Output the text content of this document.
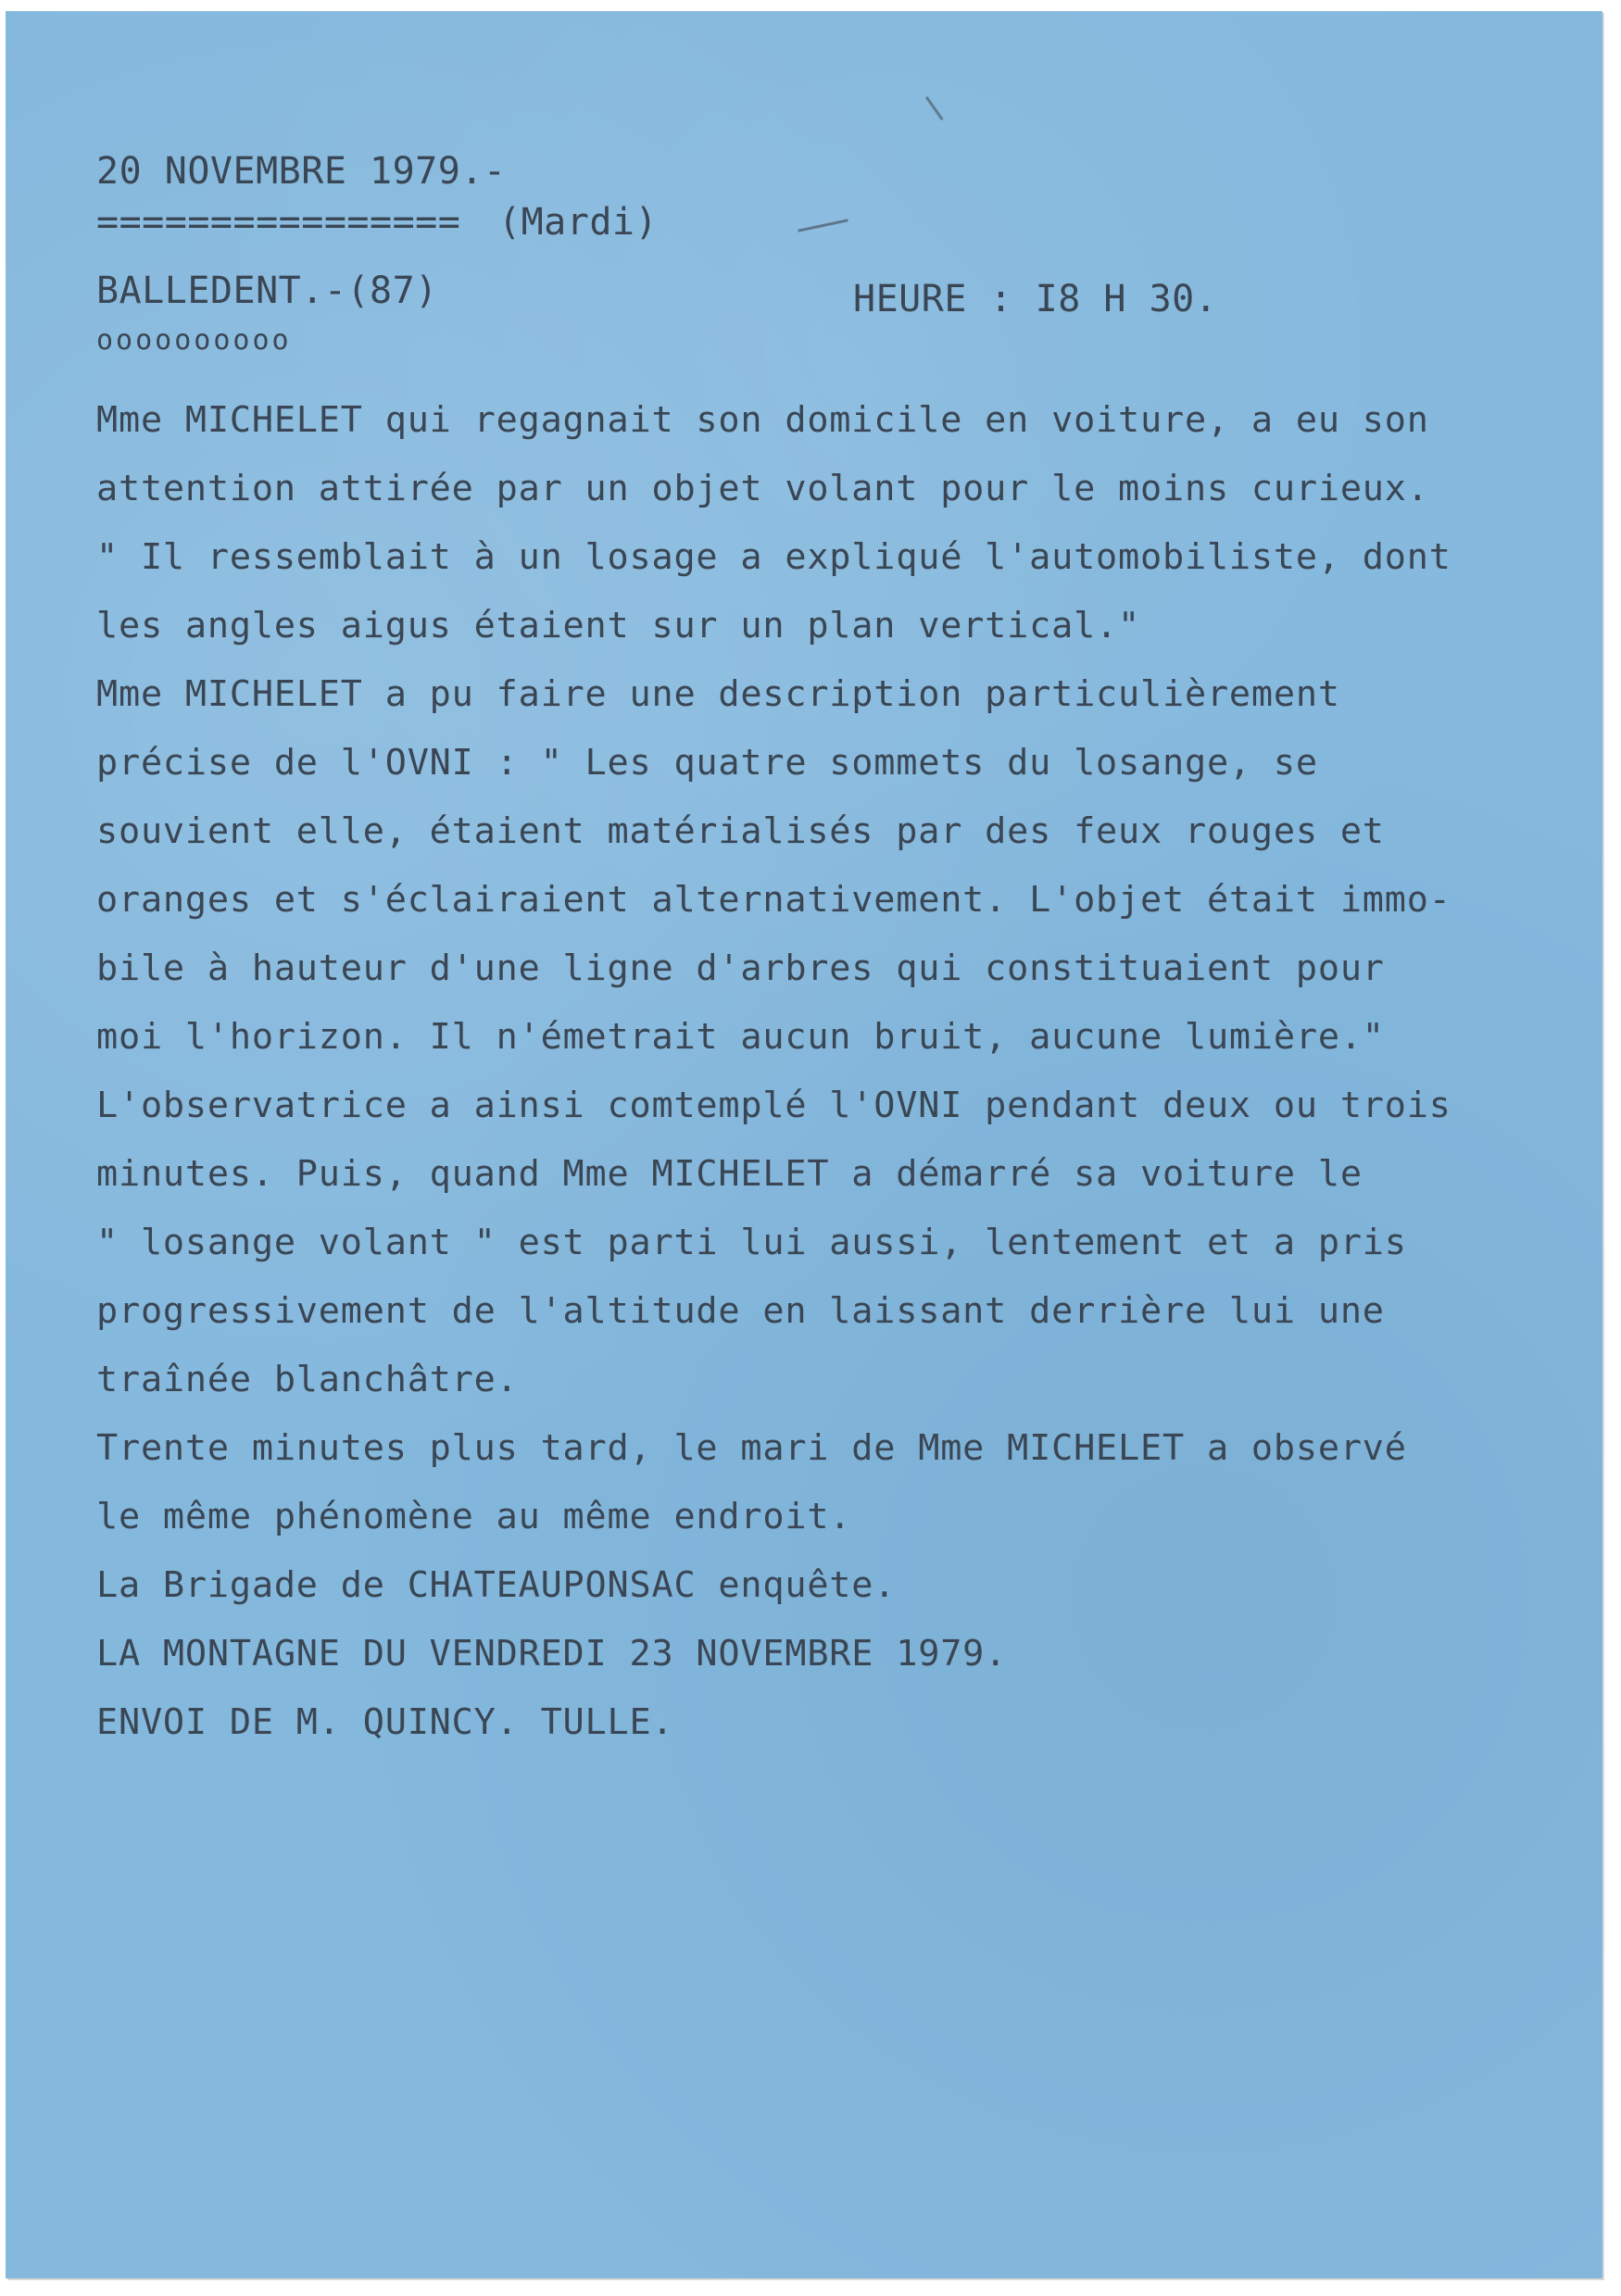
20 NOVEMBRE 1979.-
================ (Mardi)
BALLEDENT.-(87)	HEURE : I8 H 30.
oooooooooo
Mme MICHELET qui regagnait son domicile en voiture, a eu son
attention attirée par un objet volant pour le moins curieux.
" Il ressemblait à un losage a expliqué l'automobiliste, dont
les angles aigus étaient sur un plan vertical."
Mme MICHELET a pu faire une description particulièrement
précise de l'OVNI : " Les quatre sommets du losange, se
souvient elle, étaient matérialisés par des feux rouges et
oranges et s'éclairaient alternativement. L'objet était immo-
bile à hauteur d'une ligne d'arbres qui constituaient pour
moi l'horizon. Il n'émetrait aucun bruit, aucune lumière."
L'observatrice a ainsi comtemplé l'OVNI pendant deux ou trois
minutes. Puis, quand Mme MICHELET a démarré sa voiture le
" losange volant " est parti lui aussi, lentement et a pris
progressivement de l'altitude en laissant derrière lui une
traînée blanchâtre.
Trente minutes plus tard, le mari de Mme MICHELET a observé
le même phénomène au même endroit.
La Brigade de CHATEAUPONSAC enquête.
LA MONTAGNE DU VENDREDI 23 NOVEMBRE 1979.
ENVOI DE M. QUINCY. TULLE.
